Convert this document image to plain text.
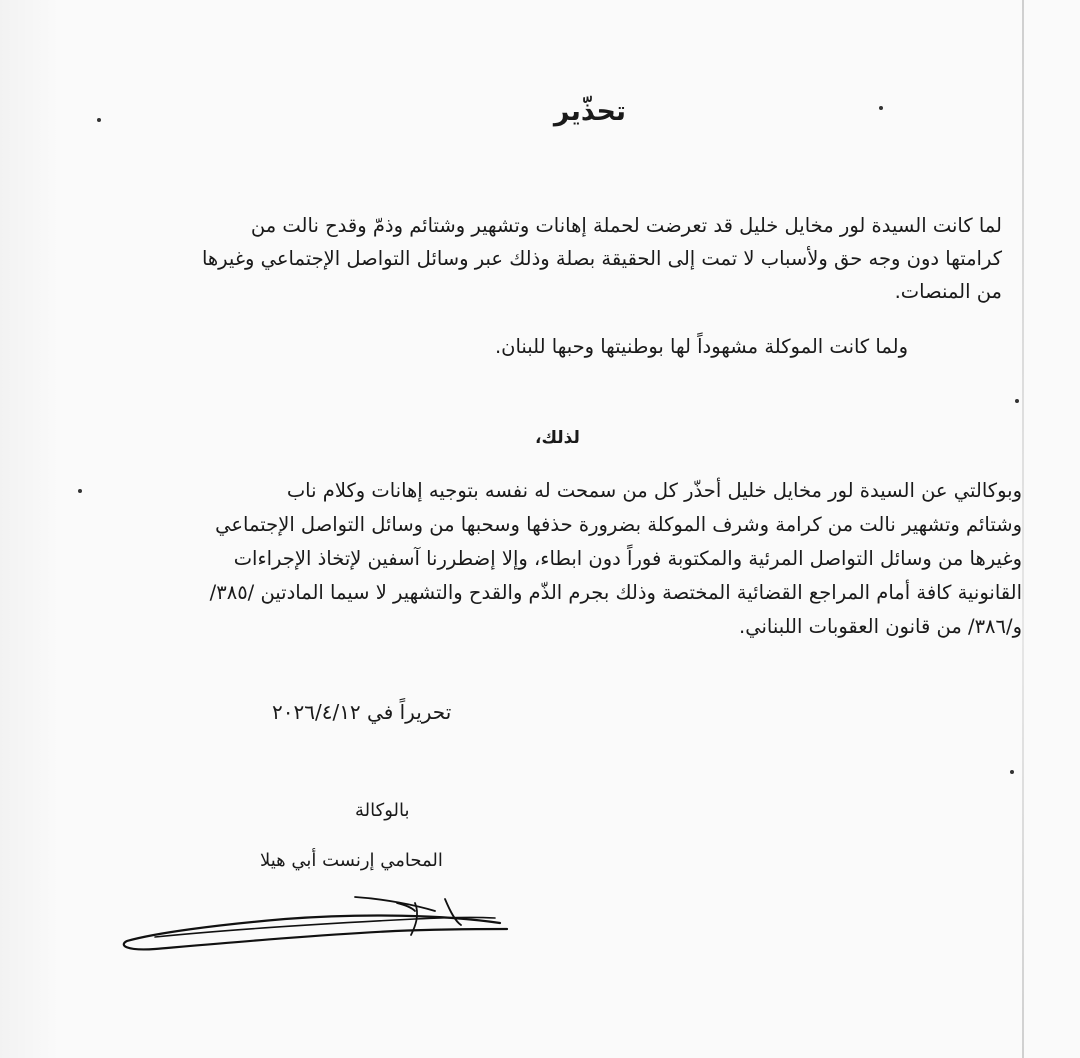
تحذّير
لما كانت السيدة لور مخايل خليل قد تعرضت لحملة إهانات وتشهير وشتائم وذمّ وقدح نالت من
كرامتها دون وجه حق ولأسباب لا تمت إلى الحقيقة بصلة وذلك عبر وسائل التواصل الإجتماعي وغيرها
من المنصات.
ولما كانت الموكلة مشهوداً لها بوطنيتها وحبها للبنان.
لذلك،
وبوكالتي عن السيدة لور مخايل خليل أحذّر كل من سمحت له نفسه بتوجيه إهانات وكلام ناب
وشتائم وتشهير نالت من كرامة وشرف الموكلة بضرورة حذفها وسحبها من وسائل التواصل الإجتماعي
وغيرها من وسائل التواصل المرئية والمكتوبة فوراً دون ابطاء، وإلا إضطررنا آسفين لإتخاذ الإجراءات
القانونية كافة أمام المراجع القضائية المختصة وذلك بجرم الذّم والقدح والتشهير لا سيما المادتين /٣٨٥/
و/٣٨٦/ من قانون العقوبات اللبناني.
تحريراً في ٢٠٢٦/٤/١٢
بالوكالة
المحامي إرنست أبي هيلا
